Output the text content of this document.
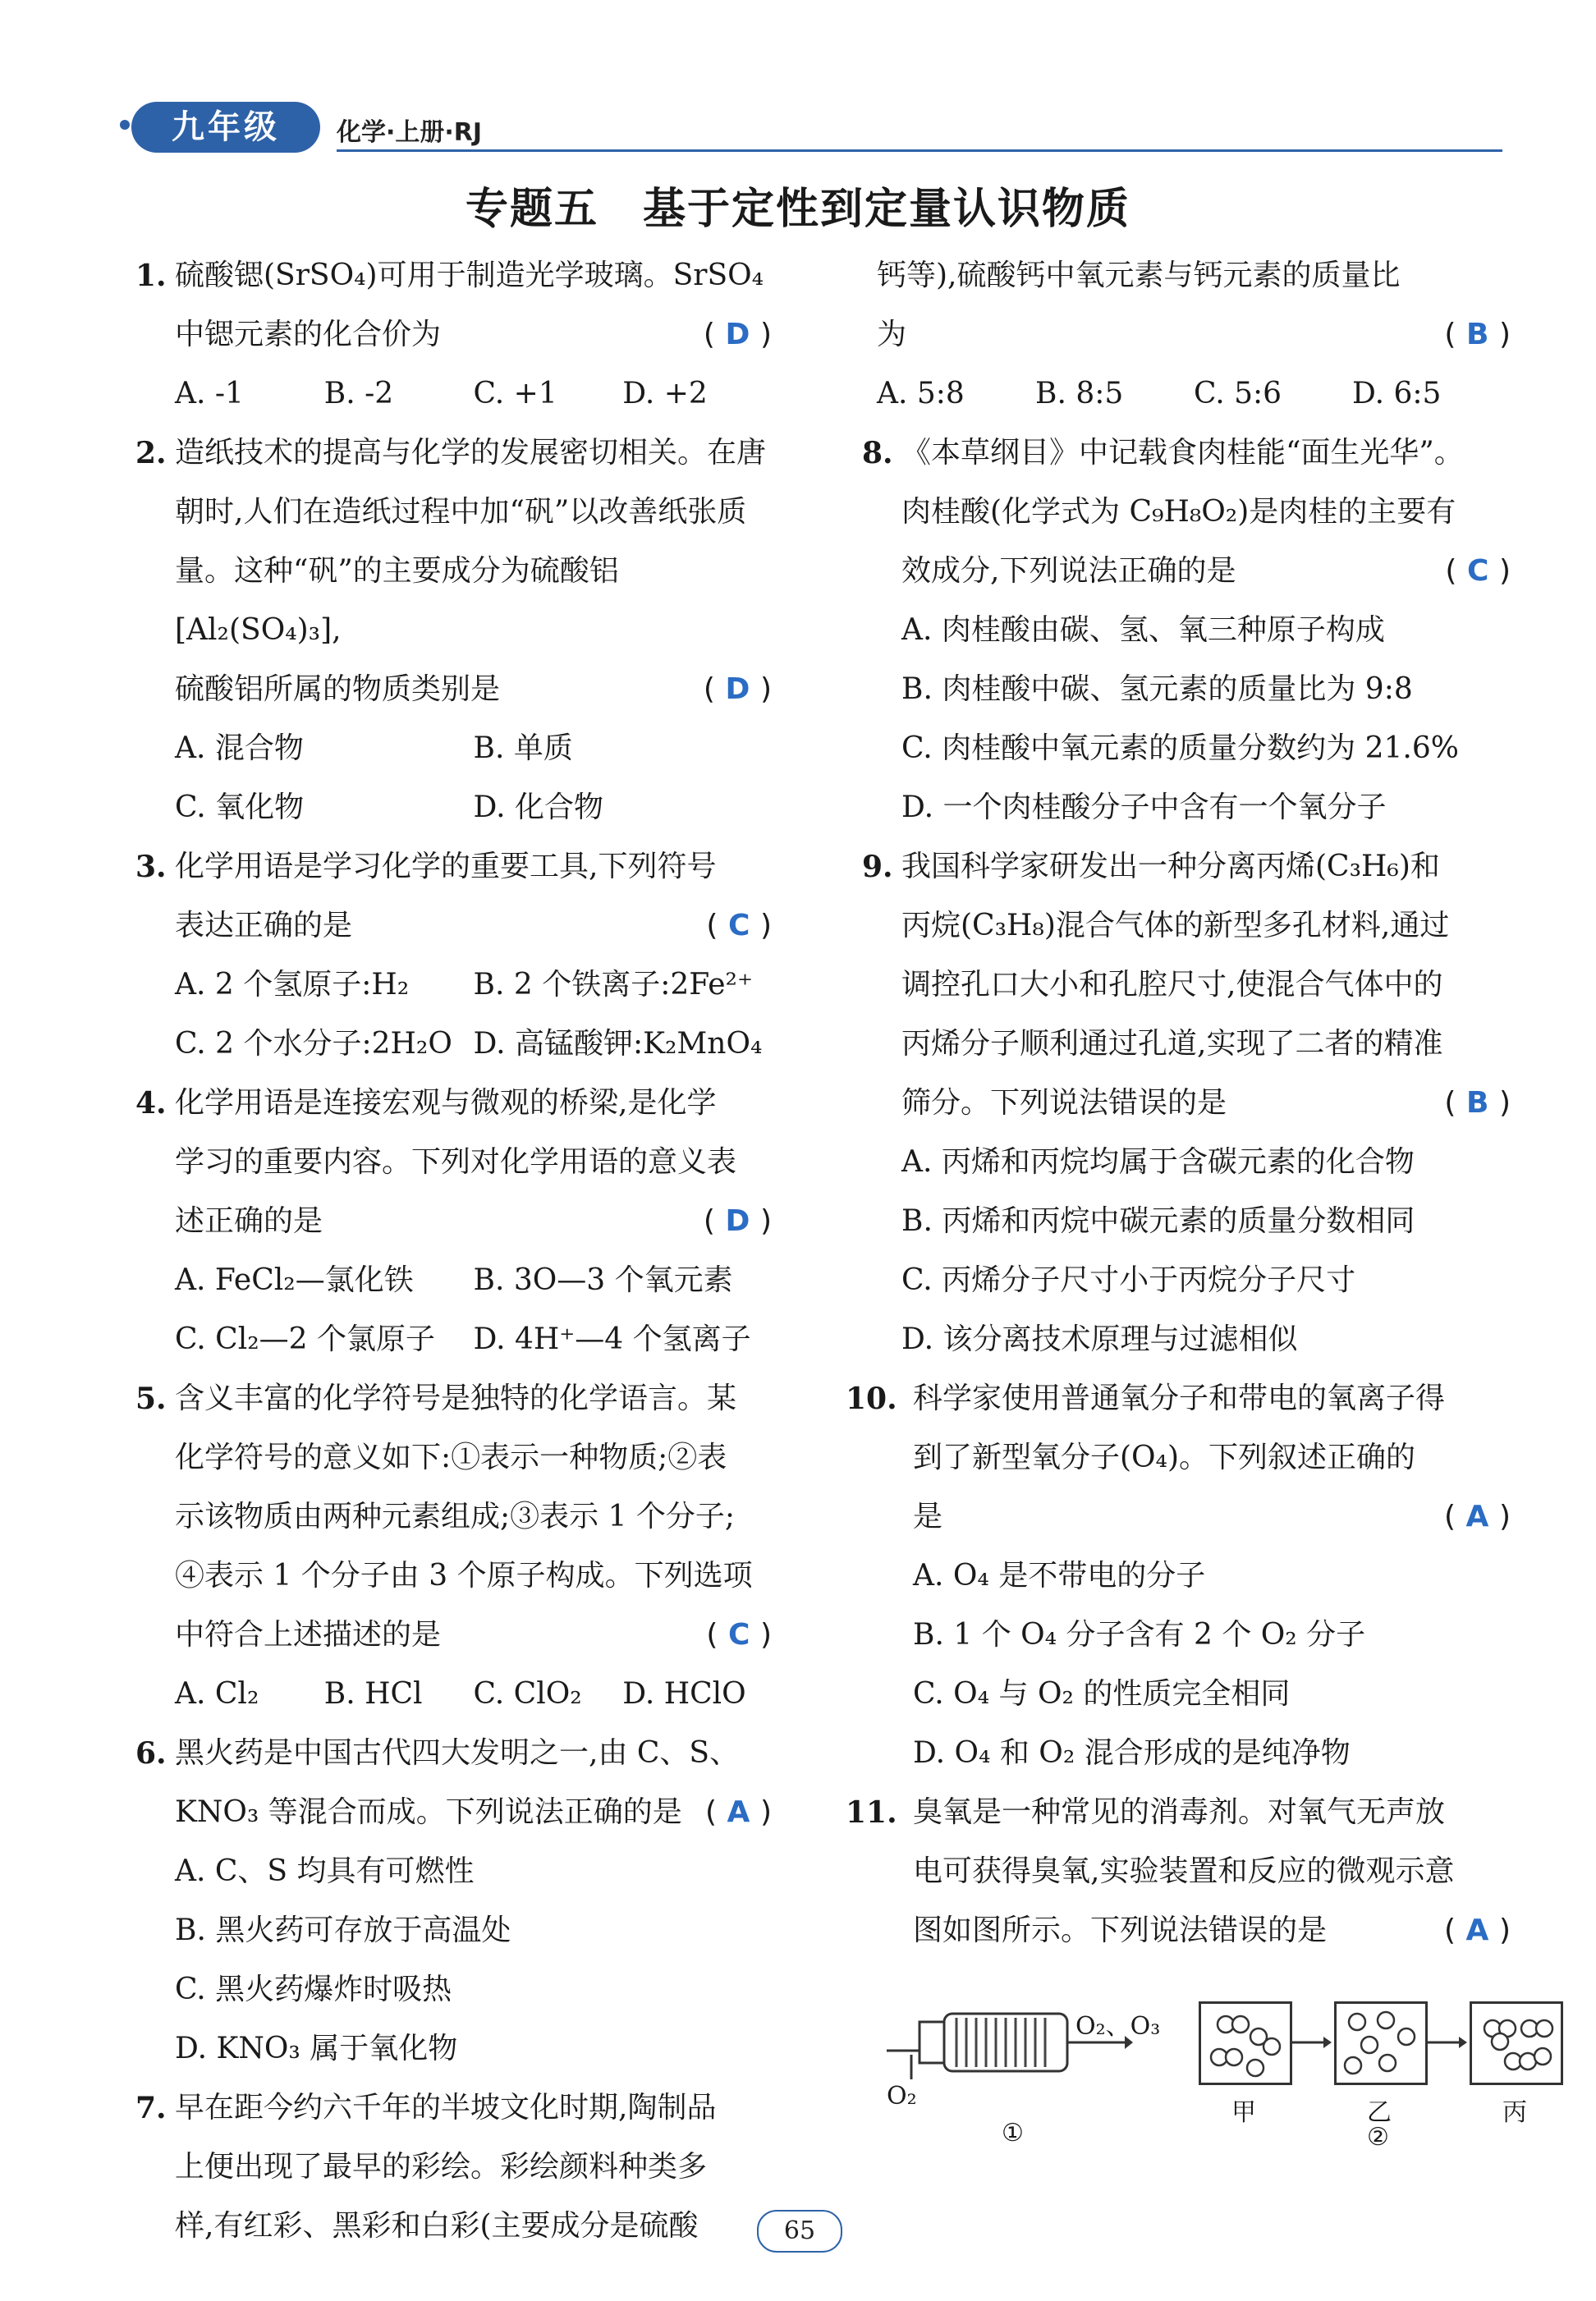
九年级	化学·上册·RJ
专题五　基于定性到定量认识物质
1. 硫酸锶(SrSO₄)可用于制造光学玻璃。SrSO₄
中锶元素的化合价为	( D )
A. -1	B. -2	C. +1	D. +2
2. 造纸技术的提高与化学的发展密切相关。在唐
朝时,人们在造纸过程中加“矾”以改善纸张质
量。这种“矾”的主要成分为硫酸铝[Al₂(SO₄)₃],
硫酸铝所属的物质类别是	( D )
A. 混合物	B. 单质
C. 氧化物	D. 化合物
3. 化学用语是学习化学的重要工具,下列符号
表达正确的是	( C )
A. 2 个氢原子:H₂	B. 2 个铁离子:2Fe²⁺
C. 2 个水分子:2H₂O D. 高锰酸钾:K₂MnO₄
4. 化学用语是连接宏观与微观的桥梁,是化学
学习的重要内容。下列对化学用语的意义表
述正确的是	( D )
A. FeCl₂—氯化铁	B. 3O—3 个氧元素
C. Cl₂—2 个氯原子	D. 4H⁺—4 个氢离子
5. 含义丰富的化学符号是独特的化学语言。某
化学符号的意义如下:①表示一种物质;②表
示该物质由两种元素组成;③表示 1 个分子;
④表示 1 个分子由 3 个原子构成。下列选项
中符合上述描述的是	( C )
A. Cl₂	B. HCl	C. ClO₂	D. HClO
6. 黑火药是中国古代四大发明之一,由 C、S、
KNO₃ 等混合而成。下列说法正确的是 ( A )
A. C、S 均具有可燃性
B. 黑火药可存放于高温处
C. 黑火药爆炸时吸热
D. KNO₃ 属于氧化物
7. 早在距今约六千年的半坡文化时期,陶制品
上便出现了最早的彩绘。彩绘颜料种类多
样,有红彩、黑彩和白彩(主要成分是硫酸
钙等),硫酸钙中氧元素与钙元素的质量比
为	( B )
A. 5:8	B. 8:5	C. 5:6	D. 6:5
8. 《本草纲目》中记载食肉桂能“面生光华”。
肉桂酸(化学式为 C₉H₈O₂)是肉桂的主要有
效成分,下列说法正确的是	( C )
A. 肉桂酸由碳、氢、氧三种原子构成
B. 肉桂酸中碳、氢元素的质量比为 9:8
C. 肉桂酸中氧元素的质量分数约为 21.6%
D. 一个肉桂酸分子中含有一个氧分子
9. 我国科学家研发出一种分离丙烯(C₃H₆)和
丙烷(C₃H₈)混合气体的新型多孔材料,通过
调控孔口大小和孔腔尺寸,使混合气体中的
丙烯分子顺利通过孔道,实现了二者的精准
筛分。下列说法错误的是	( B )
A. 丙烯和丙烷均属于含碳元素的化合物
B. 丙烯和丙烷中碳元素的质量分数相同
C. 丙烯分子尺寸小于丙烷分子尺寸
D. 该分离技术原理与过滤相似
10. 科学家使用普通氧分子和带电的氧离子得
到了新型氧分子(O₄)。下列叙述正确的
是	( A )
A. O₄ 是不带电的分子
B. 1 个 O₄ 分子含有 2 个 O₂ 分子
C. O₄ 与 O₂ 的性质完全相同
D. O₄ 和 O₂ 混合形成的是纯净物
11. 臭氧是一种常见的消毒剂。对氧气无声放
电可获得臭氧,实验装置和反应的微观示意
图如图所示。下列说法错误的是	( A )
O₂
O₂、O₃
①
甲	乙	丙
②
65
